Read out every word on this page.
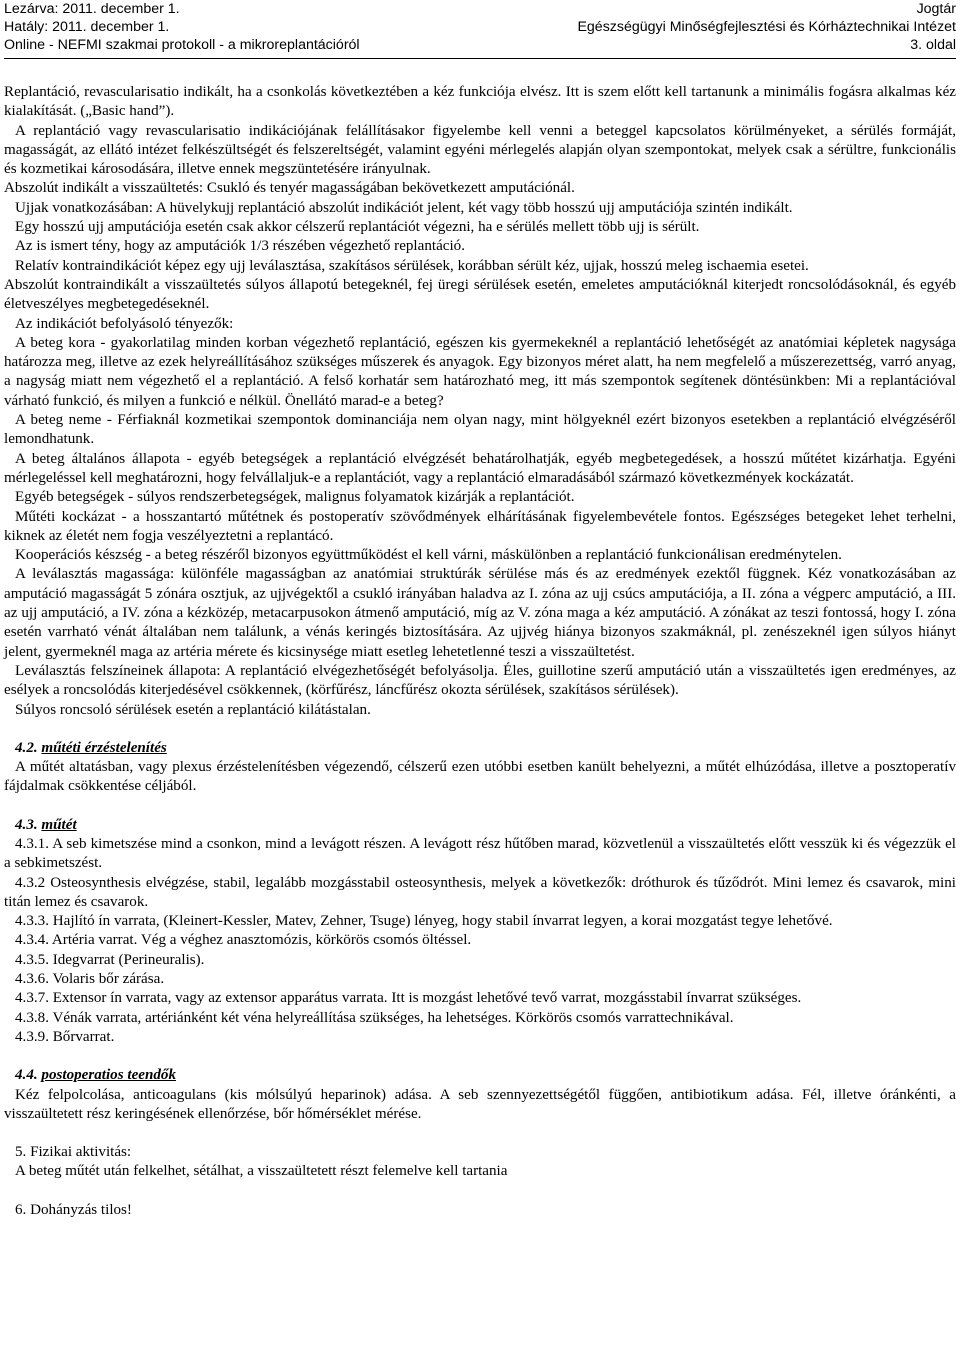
Lezárva: 2011. december 1.	Jogtár
Hatály: 2011. december 1.	Egészségügyi Minőségfejlesztési és Kórháztechnikai Intézet
Online - NEFMI szakmai protokoll - a mikroreplantációról	3. oldal

Replantáció, revascularisatio indikált, ha a csonkolás következtében a kéz funkciója elvész. Itt is szem előtt kell tartanunk a minimális fogásra alkalmas kéz kialakítását. („Basic hand”).

A replantáció vagy revascularisatio indikációjának felállításakor figyelembe kell venni a beteggel kapcsolatos körülményeket, a sérülés formáját, magasságát, az ellátó intézet felkészültségét és felszereltségét, valamint egyéni mérlegelés alapján olyan szempontokat, melyek csak a sérültre, funkcionális és kozmetikai károsodására, illetve ennek megszüntetésére irányulnak.

Abszolút indikált a visszaültetés: Csukló és tenyér magasságában bekövetkezett amputációnál.

Ujjak vonatkozásában: A hüvelykujj replantáció abszolút indikációt jelent, két vagy több hosszú ujj amputációja szintén indikált.

Egy hosszú ujj amputációja esetén csak akkor célszerű replantációt végezni, ha e sérülés mellett több ujj is sérült.

Az is ismert tény, hogy az amputációk 1/3 részében végezhető replantáció.

Relatív kontraindikációt képez egy ujj leválasztása, szakításos sérülések, korábban sérült kéz, ujjak, hosszú meleg ischaemia esetei.

Abszolút kontraindikált a visszaültetés súlyos állapotú betegeknél, fej üregi sérülések esetén, emeletes amputációknál kiterjedt roncsolódásoknál, és egyéb életveszélyes megbetegedéseknél.

Az indikációt befolyásoló tényezők:

A beteg kora - gyakorlatilag minden korban végezhető replantáció, egészen kis gyermekeknél a replantáció lehetőségét az anatómiai képletek nagysága határozza meg, illetve az ezek helyreállításához szükséges műszerek és anyagok. Egy bizonyos méret alatt, ha nem megfelelő a műszerezettség, varró anyag, a nagyság miatt nem végezhető el a replantáció. A felső korhatár sem határozható meg, itt más szempontok segítenek döntésünkben: Mi a replantációval várható funkció, és milyen a funkció e nélkül. Önellátó marad-e a beteg?

A beteg neme - Férfiaknál kozmetikai szempontok dominanciája nem olyan nagy, mint hölgyeknél ezért bizonyos esetekben a replantáció elvégzéséről lemondhatunk.

A beteg általános állapota - egyéb betegségek a replantáció elvégzését behatárolhatják, egyéb megbetegedések, a hosszú műtétet kizárhatja. Egyéni mérlegeléssel kell meghatározni, hogy felvállaljuk-e a replantációt, vagy a replantáció elmaradásából származó következmények kockázatát.

Egyéb betegségek - súlyos rendszerbetegségek, malignus folyamatok kizárják a replantációt.

Műtéti kockázat - a hosszantartó műtétnek és postoperatív szövődmények elhárításának figyelembevétele fontos. Egészséges betegeket lehet terhelni, kiknek az életét nem fogja veszélyeztetni a replantácó.

Kooperációs készség - a beteg részéről bizonyos együttműködést el kell várni, máskülönben a replantáció funkcionálisan eredménytelen.

A leválasztás magassága: különféle magasságban az anatómiai struktúrák sérülése más és az eredmények ezektől függnek. Kéz vonatkozásában az amputáció magasságát 5 zónára osztjuk, az ujjvégektől a csukló irányában haladva az I. zóna az ujj csúcs amputációja, a II. zóna a végperc amputáció, a III. az ujj amputáció, a IV. zóna a kézközép, metacarpusokon átmenő amputáció, míg az V. zóna maga a kéz amputáció. A zónákat az teszi fontossá, hogy I. zóna esetén varrható vénát általában nem találunk, a vénás keringés biztosítására. Az ujjvég hiánya bizonyos szakmáknál, pl. zenészeknél igen súlyos hiányt jelent, gyermeknél maga az artéria mérete és kicsinysége miatt esetleg lehetetlenné teszi a visszaültetést.

Leválasztás felszíneinek állapota: A replantáció elvégezhetőségét befolyásolja. Éles, guillotine szerű amputáció után a visszaültetés igen eredményes, az esélyek a roncsolódás kiterjedésével csökkennek, (körfűrész, láncfűrész okozta sérülések, szakításos sérülések).

Súlyos roncsoló sérülések esetén a replantáció kilátástalan.

4.2. műtéti érzéstelenítés

A műtét altatásban, vagy plexus érzéstelenítésben végezendő, célszerű ezen utóbbi esetben kanült behelyezni, a műtét elhúzódása, illetve a posztoperatív fájdalmak csökkentése céljából.

4.3. műtét

4.3.1. A seb kimetszése mind a csonkon, mind a levágott részen. A levágott rész hűtőben marad, közvetlenül a visszaültetés előtt vesszük ki és végezzük el a sebkimetszést.

4.3.2 Osteosynthesis elvégzése, stabil, legalább mozgásstabil osteosynthesis, melyek a következők: dróthurok és tűződrót. Mini lemez és csavarok, mini titán lemez és csavarok.

4.3.3. Hajlító ín varrata, (Kleinert-Kessler, Matev, Zehner, Tsuge) lényeg, hogy stabil ínvarrat legyen, a korai mozgatást tegye lehetővé.

4.3.4. Artéria varrat. Vég a véghez anasztomózis, körkörös csomós öltéssel.

4.3.5. Idegvarrat (Perineuralis).

4.3.6. Volaris bőr zárása.

4.3.7. Extensor ín varrata, vagy az extensor apparátus varrata. Itt is mozgást lehetővé tevő varrat, mozgásstabil ínvarrat szükséges.

4.3.8. Vénák varrata, artériánként két véna helyreállítása szükséges, ha lehetséges. Körkörös csomós varrattechnikával.

4.3.9. Bőrvarrat.

4.4. postoperatios teendők

Kéz felpolcolása, anticoagulans (kis mólsúlyú heparinok) adása. A seb szennyezettségétől függően, antibiotikum adása. Fél, illetve óránkénti, a visszaültetett rész keringésének ellenőrzése, bőr hőmérséklet mérése.

5. Fizikai aktivitás:

A beteg műtét után felkelhet, sétálhat, a visszaültetett részt felemelve kell tartania

6. Dohányzás tilos!
